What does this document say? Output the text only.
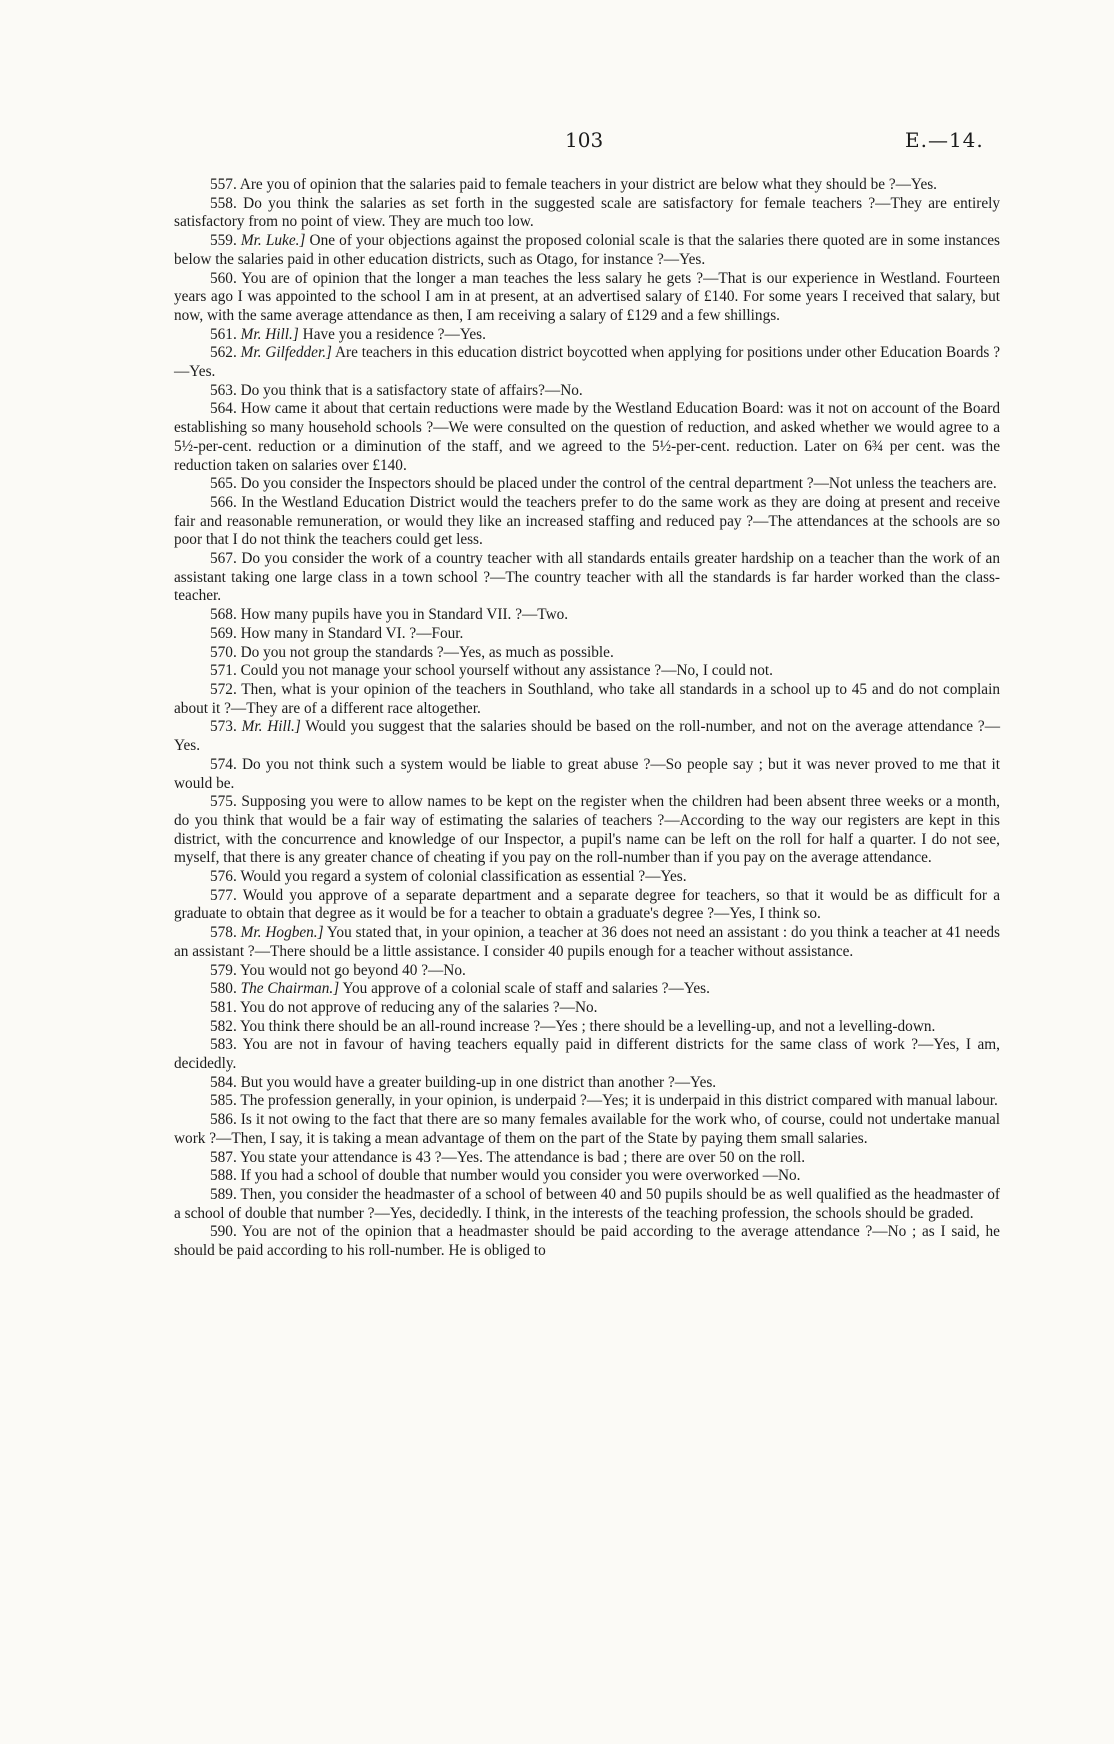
103	E.—14.

557. Are you of opinion that the salaries paid to female teachers in your district are below what they should be ?—Yes.

558. Do you think the salaries as set forth in the suggested scale are satisfactory for female teachers ?—They are entirely satisfactory from no point of view. They are much too low.

559. Mr. Luke.] One of your objections against the proposed colonial scale is that the salaries there quoted are in some instances below the salaries paid in other education districts, such as Otago, for instance ?—Yes.

560. You are of opinion that the longer a man teaches the less salary he gets ?—That is our experience in Westland. Fourteen years ago I was appointed to the school I am in at present, at an advertised salary of £140. For some years I received that salary, but now, with the same average attendance as then, I am receiving a salary of £129 and a few shillings.

561. Mr. Hill.] Have you a residence ?—Yes.

562. Mr. Gilfedder.] Are teachers in this education district boycotted when applying for positions under other Education Boards ?—Yes.

563. Do you think that is a satisfactory state of affairs?—No.

564. How came it about that certain reductions were made by the Westland Education Board: was it not on account of the Board establishing so many household schools ?—We were consulted on the question of reduction, and asked whether we would agree to a 5½-per-cent. reduction or a diminution of the staff, and we agreed to the 5½-per-cent. reduction. Later on 6¾ per cent. was the reduction taken on salaries over £140.

565. Do you consider the Inspectors should be placed under the control of the central department ?—Not unless the teachers are.

566. In the Westland Education District would the teachers prefer to do the same work as they are doing at present and receive fair and reasonable remuneration, or would they like an increased staffing and reduced pay ?—The attendances at the schools are so poor that I do not think the teachers could get less.

567. Do you consider the work of a country teacher with all standards entails greater hardship on a teacher than the work of an assistant taking one large class in a town school ?—The country teacher with all the standards is far harder worked than the class-teacher.

568. How many pupils have you in Standard VII. ?—Two.

569. How many in Standard VI. ?—Four.

570. Do you not group the standards ?—Yes, as much as possible.

571. Could you not manage your school yourself without any assistance ?—No, I could not.

572. Then, what is your opinion of the teachers in Southland, who take all standards in a school up to 45 and do not complain about it ?—They are of a different race altogether.

573. Mr. Hill.] Would you suggest that the salaries should be based on the roll-number, and not on the average attendance ?—Yes.

574. Do you not think such a system would be liable to great abuse ?—So people say ; but it was never proved to me that it would be.

575. Supposing you were to allow names to be kept on the register when the children had been absent three weeks or a month, do you think that would be a fair way of estimating the salaries of teachers ?—According to the way our registers are kept in this district, with the concurrence and knowledge of our Inspector, a pupil's name can be left on the roll for half a quarter. I do not see, myself, that there is any greater chance of cheating if you pay on the roll-number than if you pay on the average attendance.

576. Would you regard a system of colonial classification as essential ?—Yes.

577. Would you approve of a separate department and a separate degree for teachers, so that it would be as difficult for a graduate to obtain that degree as it would be for a teacher to obtain a graduate's degree ?—Yes, I think so.

578. Mr. Hogben.] You stated that, in your opinion, a teacher at 36 does not need an assistant : do you think a teacher at 41 needs an assistant ?—There should be a little assistance. I consider 40 pupils enough for a teacher without assistance.

579. You would not go beyond 40 ?—No.

580. The Chairman.] You approve of a colonial scale of staff and salaries ?—Yes.

581. You do not approve of reducing any of the salaries ?—No.

582. You think there should be an all-round increase ?—Yes ; there should be a levelling-up, and not a levelling-down.

583. You are not in favour of having teachers equally paid in different districts for the same class of work ?—Yes, I am, decidedly.

584. But you would have a greater building-up in one district than another ?—Yes.

585. The profession generally, in your opinion, is underpaid ?—Yes; it is underpaid in this district compared with manual labour.

586. Is it not owing to the fact that there are so many females available for the work who, of course, could not undertake manual work ?—Then, I say, it is taking a mean advantage of them on the part of the State by paying them small salaries.

587. You state your attendance is 43 ?—Yes. The attendance is bad ; there are over 50 on the roll.

588. If you had a school of double that number would you consider you were overworked —No.

589. Then, you consider the headmaster of a school of between 40 and 50 pupils should be as well qualified as the headmaster of a school of double that number ?—Yes, decidedly. I think, in the interests of the teaching profession, the schools should be graded.

590. You are not of the opinion that a headmaster should be paid according to the average attendance ?—No ; as I said, he should be paid according to his roll-number. He is obliged to
